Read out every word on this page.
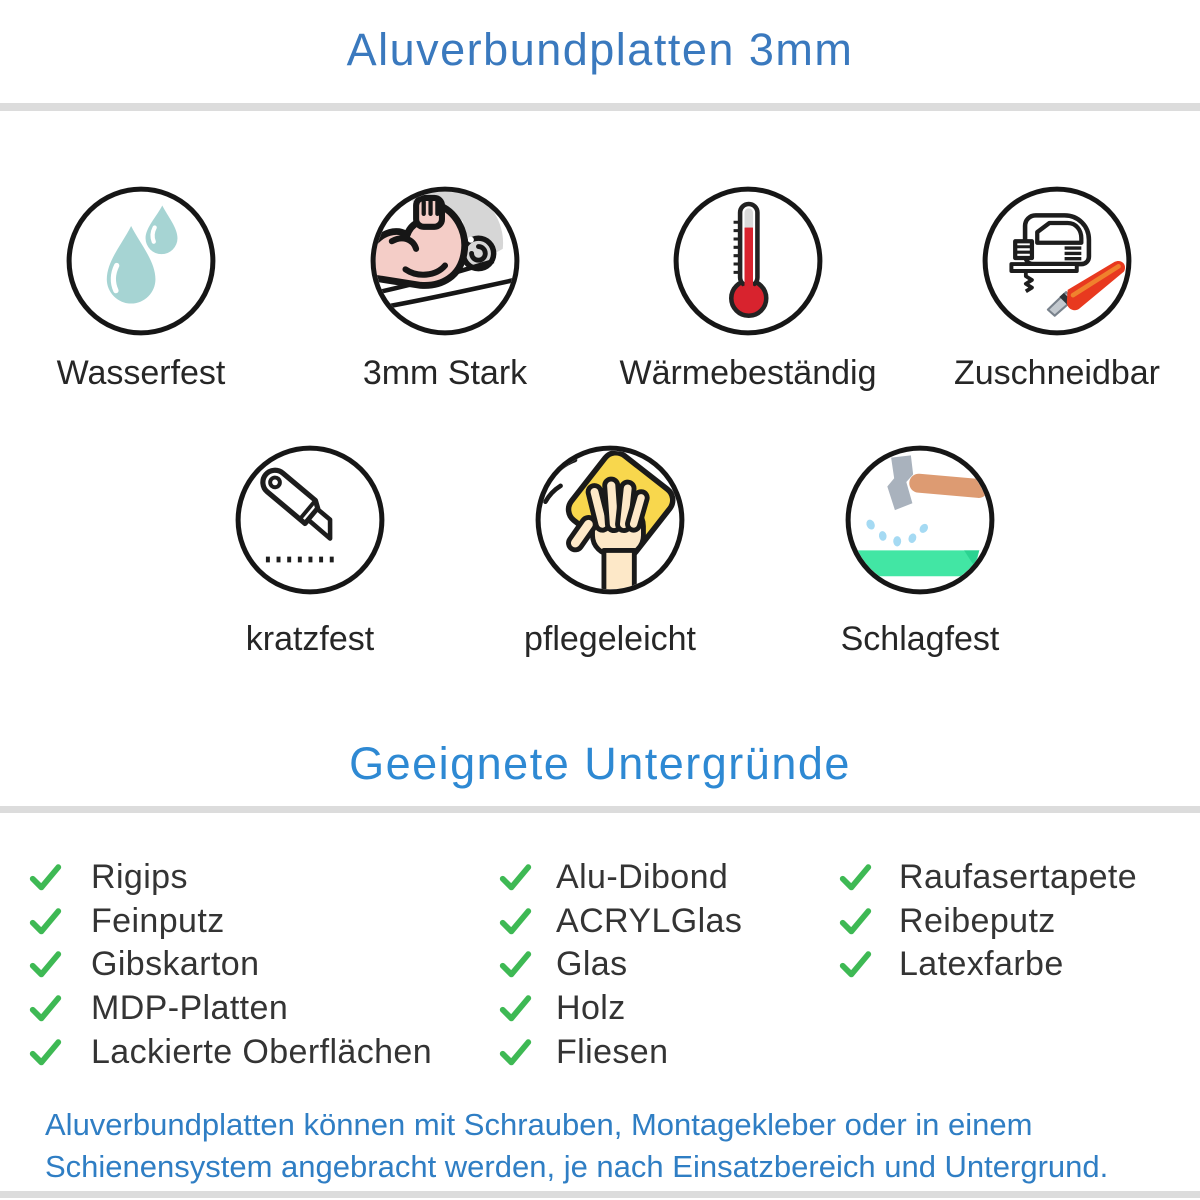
Aluverbundplatten 3mm
Wasserfest	3mm Stark	Wärmebeständig Zuschneidbar
kratzfest	pflegeleicht	Schlagfest
Geeignete Untergründe
Rigips
Feinputz
Gibskarton
MDP-Platten
Lackierte Oberflächen
Alu-Dibond
ACRYLGlas
Glas
Holz
Fliesen
Raufasertapete
Reibeputz
Latexfarbe
Aluverbundplatten können mit Schrauben, Montagekleber oder in einem
Schienensystem angebracht werden, je nach Einsatzbereich und Untergrund.
